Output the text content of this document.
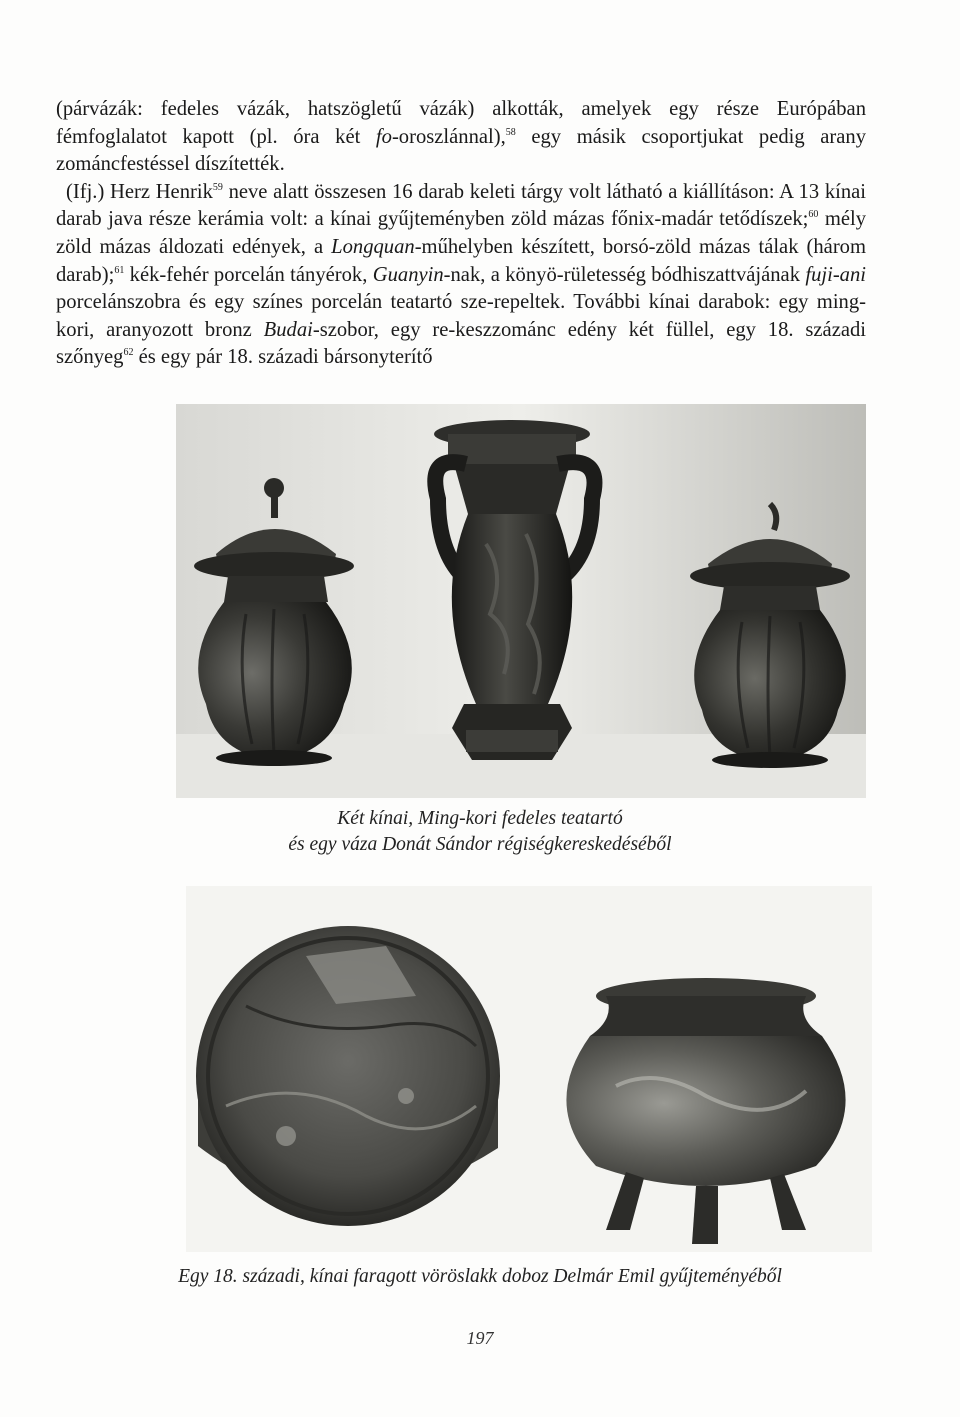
(párvázák: fedeles vázák, hatszögletű vázák) alkották, amelyek egy része Európában fémfoglalatot kapott (pl. óra két fo-oroszlánnal),$^{58}$ egy másik csoportjukat pedig arany zománcfestéssel díszítették.

(Ifj.) Herz Henrik$^{59}$ neve alatt összesen 16 darab keleti tárgy volt látható a kiállításon: A 13 kínai darab java része kerámia volt: a kínai gyűjteményben zöld mázas főnix-madár tetődíszek;$^{60}$ mély zöld mázas áldozati edények, a Longquan-műhelyben készített, borsó-zöld mázas tálak (három darab);$^{61}$ kék-fehér porcelán tányérok, Guanyin-nak, a könyö-rületesség bódhiszattvájának fuji-ani porcelánszobra és egy színes porcelán teatartó sze-repeltek. További kínai darabok: egy ming-kori, aranyozott bronz Budai-szobor, egy re-keszzománc edény két füllel, egy 18. századi szőnyeg$^{62}$ és egy pár 18. századi bársonyterítő

Két kínai, Ming-kori fedeles teatartó
és egy váza Donát Sándor régiségkereskedéséből
Egy 18. századi, kínai faragott vöröslakk doboz Delmár Emil gyűjteményéből
197
